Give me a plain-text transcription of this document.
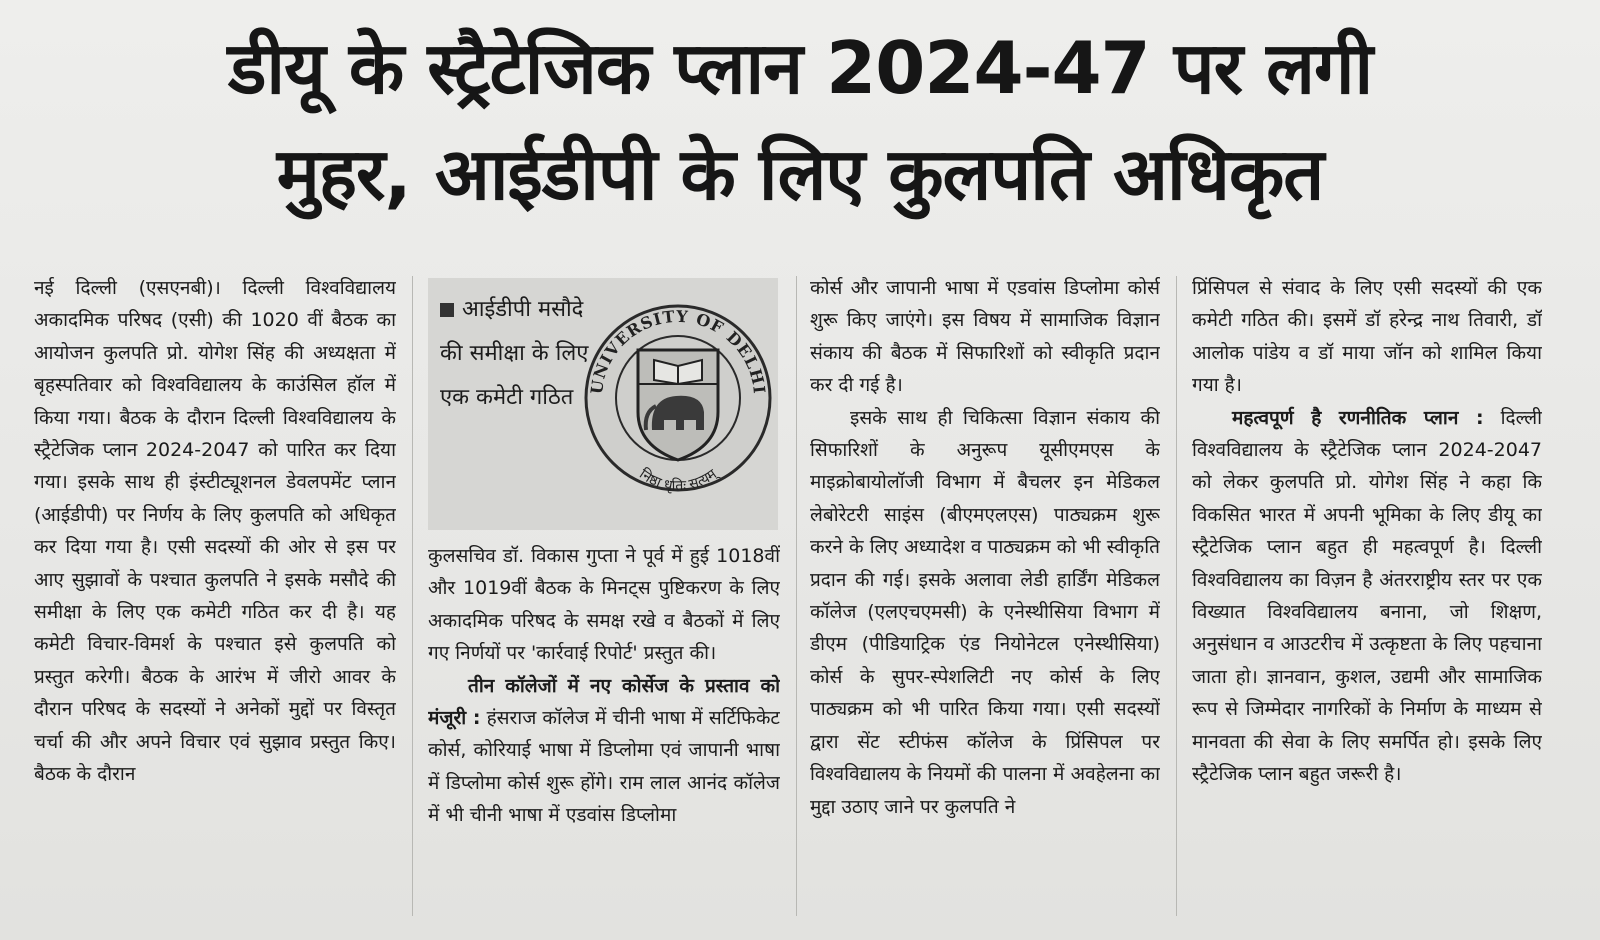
डीयू के स्ट्रैटेजिक प्लान 2024-47 पर लगी
मुहर, आईडीपी के लिए कुलपति अधिकृत

नई दिल्ली (एसएनबी)। दिल्ली विश्वविद्यालय अकादमिक परिषद (एसी) की 1020 वीं बैठक का आयोजन कुलपति प्रो. योगेश सिंह की अध्यक्षता में बृहस्पतिवार को विश्वविद्यालय के काउंसिल हॉल में किया गया। बैठक के दौरान दिल्ली विश्वविद्यालय के स्ट्रैटेजिक प्लान 2024-2047 को पारित कर दिया गया। इसके साथ ही इंस्टीट्यूशनल डेवलपमेंट प्लान (आईडीपी) पर निर्णय के लिए कुलपति को अधिकृत कर दिया गया है। एसी सदस्यों की ओर से इस पर आए सुझावों के पश्चात कुलपति ने इसके मसौदे की समीक्षा के लिए एक कमेटी गठित कर दी है। यह कमेटी विचार-विमर्श के पश्चात इसे कुलपति को प्रस्तुत करेगी। बैठक के आरंभ में जीरो आवर के दौरान परिषद के सदस्यों ने अनेकों मुद्दों पर विस्तृत चर्चा की और अपने विचार एवं सुझाव प्रस्तुत किए। बैठक के दौरान

आईडीपी मसौदे की समीक्षा के लिए एक कमेटी गठित UNIVERSITY OF DELHI
निष्ठा धृतिः सत्यम्

कुलसचिव डॉ. विकास गुप्ता ने पूर्व में हुई 1018वीं और 1019वीं बैठक के मिनट्स पुष्टिकरण के लिए अकादमिक परिषद के समक्ष रखे व बैठकों में लिए गए निर्णयों पर 'कार्रवाई रिपोर्ट' प्रस्तुत की।

तीन कॉलेजों में नए कोर्सेज के प्रस्ताव को मंजूरी : हंसराज कॉलेज में चीनी भाषा में सर्टिफिकेट कोर्स, कोरियाई भाषा में डिप्लोमा एवं जापानी भाषा में डिप्लोमा कोर्स शुरू होंगे। राम लाल आनंद कॉलेज में भी चीनी भाषा में एडवांस डिप्लोमा

कोर्स और जापानी भाषा में एडवांस डिप्लोमा कोर्स शुरू किए जाएंगे। इस विषय में सामाजिक विज्ञान संकाय की बैठक में सिफारिशों को स्वीकृति प्रदान कर दी गई है।

इसके साथ ही चिकित्सा विज्ञान संकाय की सिफारिशों के अनुरूप यूसीएमएस के माइक्रोबायोलॉजी विभाग में बैचलर इन मेडिकल लेबोरेटरी साइंस (बीएमएलएस) पाठ्यक्रम शुरू करने के लिए अध्यादेश व पाठ्यक्रम को भी स्वीकृति प्रदान की गई। इसके अलावा लेडी हार्डिंग मेडिकल कॉलेज (एलएचएमसी) के एनेस्थीसिया विभाग में डीएम (पीडियाट्रिक एंड नियोनेटल एनेस्थीसिया) कोर्स के सुपर-स्पेशलिटी नए कोर्स के लिए पाठ्यक्रम को भी पारित किया गया। एसी सदस्यों द्वारा सेंट स्टीफंस कॉलेज के प्रिंसिपल पर विश्वविद्यालय के नियमों की पालना में अवहेलना का मुद्दा उठाए जाने पर कुलपति ने

प्रिंसिपल से संवाद के लिए एसी सदस्यों की एक कमेटी गठित की। इसमें डॉ हरेन्द्र नाथ तिवारी, डॉ आलोक पांडेय व डॉ माया जॉन को शामिल किया गया है।

महत्वपूर्ण है रणनीतिक प्लान : दिल्ली विश्वविद्यालय के स्ट्रैटेजिक प्लान 2024-2047 को लेकर कुलपति प्रो. योगेश सिंह ने कहा कि विकसित भारत में अपनी भूमिका के लिए डीयू का स्ट्रैटेजिक प्लान बहुत ही महत्वपूर्ण है। दिल्ली विश्वविद्यालय का विज़न है अंतरराष्ट्रीय स्तर पर एक विख्यात विश्वविद्यालय बनाना, जो शिक्षण, अनुसंधान व आउटरीच में उत्कृष्टता के लिए पहचाना जाता हो। ज्ञानवान, कुशल, उद्यमी और सामाजिक रूप से जिम्मेदार नागरिकों के निर्माण के माध्यम से मानवता की सेवा के लिए समर्पित हो। इसके लिए स्ट्रैटेजिक प्लान बहुत जरूरी है।
